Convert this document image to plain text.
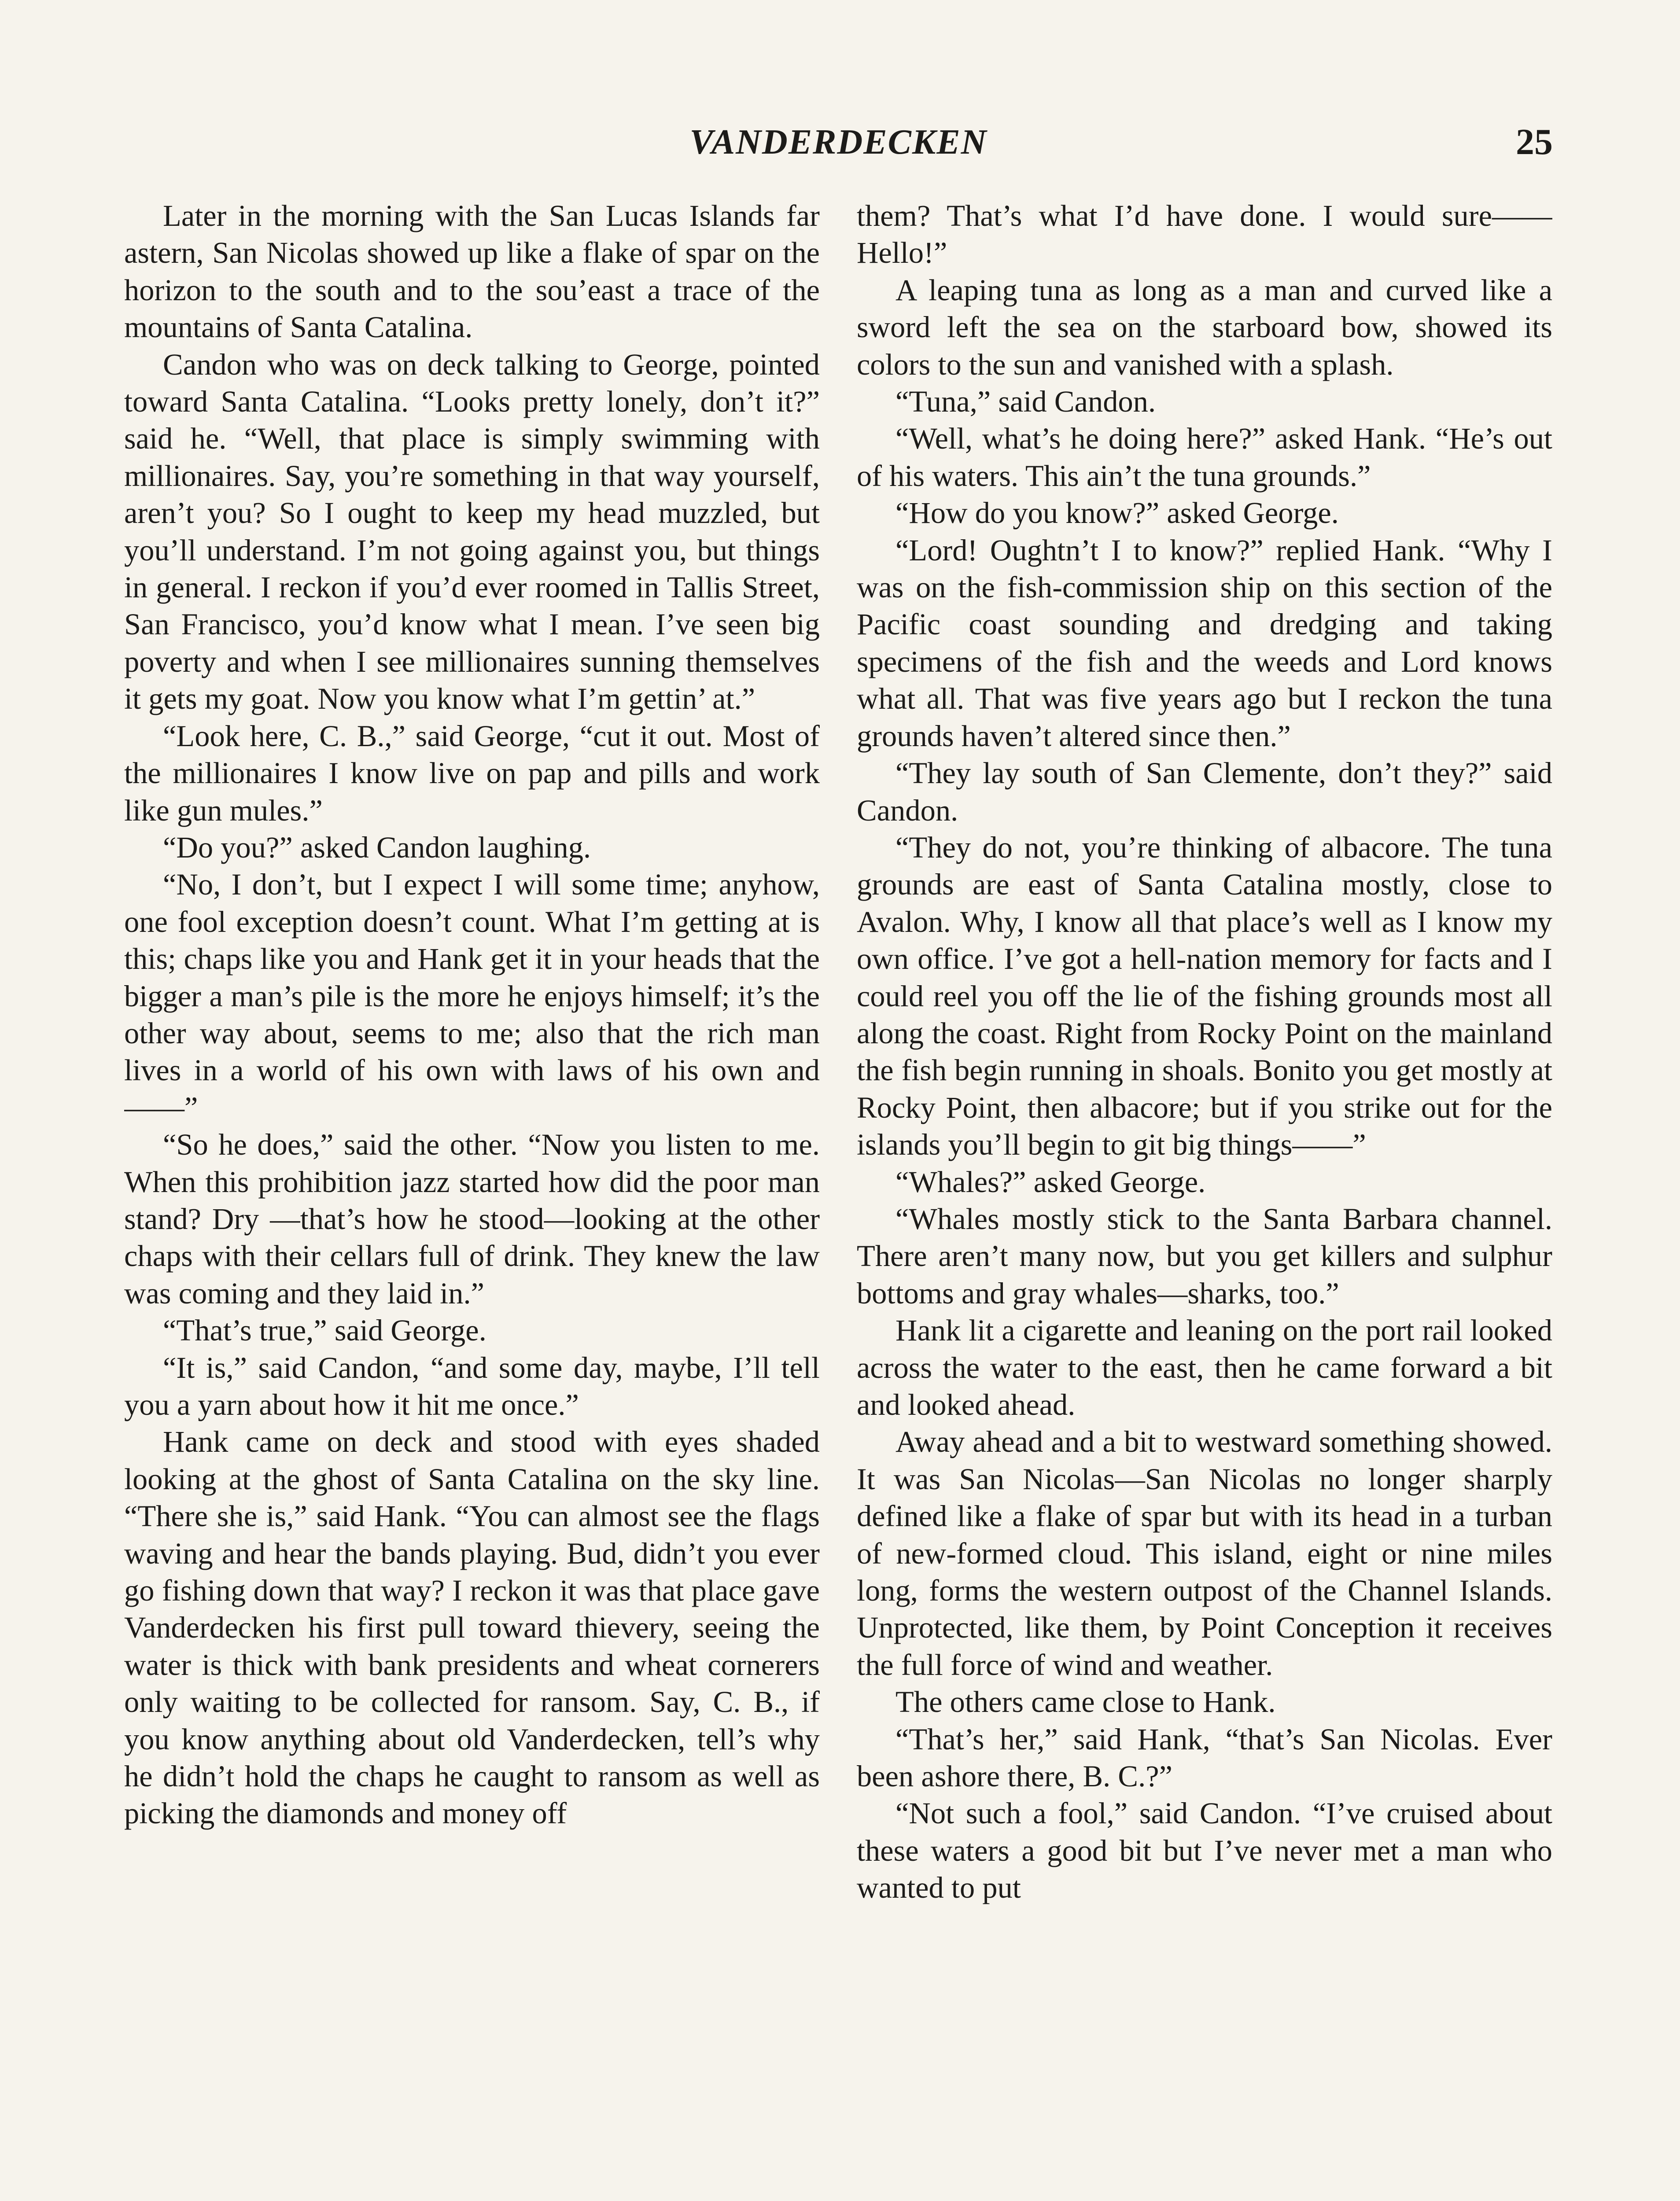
VANDERDECKEN	25

Later in the morning with the San Lucas Islands far astern, San Nicolas showed up like a flake of spar on the horizon to the south and to the sou’east a trace of the mountains of Santa Catalina.

Candon who was on deck talking to George, pointed toward Santa Catalina. “Looks pretty lonely, don’t it?” said he. “Well, that place is simply swimming with millionaires. Say, you’re something in that way yourself, aren’t you? So I ought to keep my head muzzled, but you’ll understand. I’m not going against you, but things in general. I reckon if you’d ever roomed in Tallis Street, San Francisco, you’d know what I mean. I’ve seen big poverty and when I see millionaires sunning themselves it gets my goat. Now you know what I’m gettin’ at.”

“Look here, C. B.,” said George, “cut it out. Most of the millionaires I know live on pap and pills and work like gun mules.”

“Do you?” asked Candon laughing.

“No, I don’t, but I expect I will some time; anyhow, one fool exception doesn’t count. What I’m getting at is this; chaps like you and Hank get it in your heads that the bigger a man’s pile is the more he enjoys himself; it’s the other way about, seems to me; also that the rich man lives in a world of his own with laws of his own and——”

“So he does,” said the other. “Now you listen to me. When this prohibition jazz started how did the poor man stand? Dry —that’s how he stood—looking at the other chaps with their cellars full of drink. They knew the law was coming and they laid in.”

“That’s true,” said George.

“It is,” said Candon, “and some day, maybe, I’ll tell you a yarn about how it hit me once.”

Hank came on deck and stood with eyes shaded looking at the ghost of Santa Catalina on the sky line. “There she is,” said Hank. “You can almost see the flags waving and hear the bands playing. Bud, didn’t you ever go fishing down that way? I reckon it was that place gave Vanderdecken his first pull toward thievery, seeing the water is thick with bank presidents and wheat cornerers only waiting to be collected for ransom. Say, C. B., if you know anything about old Vanderdecken, tell’s why he didn’t hold the chaps he caught to ransom as well as picking the diamonds and money off

them? That’s what I’d have done. I would sure—— Hello!”

A leaping tuna as long as a man and curved like a sword left the sea on the starboard bow, showed its colors to the sun and vanished with a splash.

“Tuna,” said Candon.

“Well, what’s he doing here?” asked Hank. “He’s out of his waters. This ain’t the tuna grounds.”

“How do you know?” asked George.

“Lord! Oughtn’t I to know?” replied Hank. “Why I was on the fish-commission ship on this section of the Pacific coast sounding and dredging and taking specimens of the fish and the weeds and Lord knows what all. That was five years ago but I reckon the tuna grounds haven’t altered since then.”

“They lay south of San Clemente, don’t they?” said Candon.

“They do not, you’re thinking of albacore. The tuna grounds are east of Santa Catalina mostly, close to Avalon. Why, I know all that place’s well as I know my own office. I’ve got a hell-nation memory for facts and I could reel you off the lie of the fishing grounds most all along the coast. Right from Rocky Point on the mainland the fish begin running in shoals. Bonito you get mostly at Rocky Point, then albacore; but if you strike out for the islands you’ll begin to git big things——”

“Whales?” asked George.

“Whales mostly stick to the Santa Barbara channel. There aren’t many now, but you get killers and sulphur bottoms and gray whales—sharks, too.”

Hank lit a cigarette and leaning on the port rail looked across the water to the east, then he came forward a bit and looked ahead.

Away ahead and a bit to westward something showed. It was San Nicolas—San Nicolas no longer sharply defined like a flake of spar but with its head in a turban of new-formed cloud. This island, eight or nine miles long, forms the western outpost of the Channel Islands. Unprotected, like them, by Point Conception it receives the full force of wind and weather.

The others came close to Hank.

“That’s her,” said Hank, “that’s San Nicolas. Ever been ashore there, B. C.?”

“Not such a fool,” said Candon. “I’ve cruised about these waters a good bit but I’ve never met a man who wanted to put
